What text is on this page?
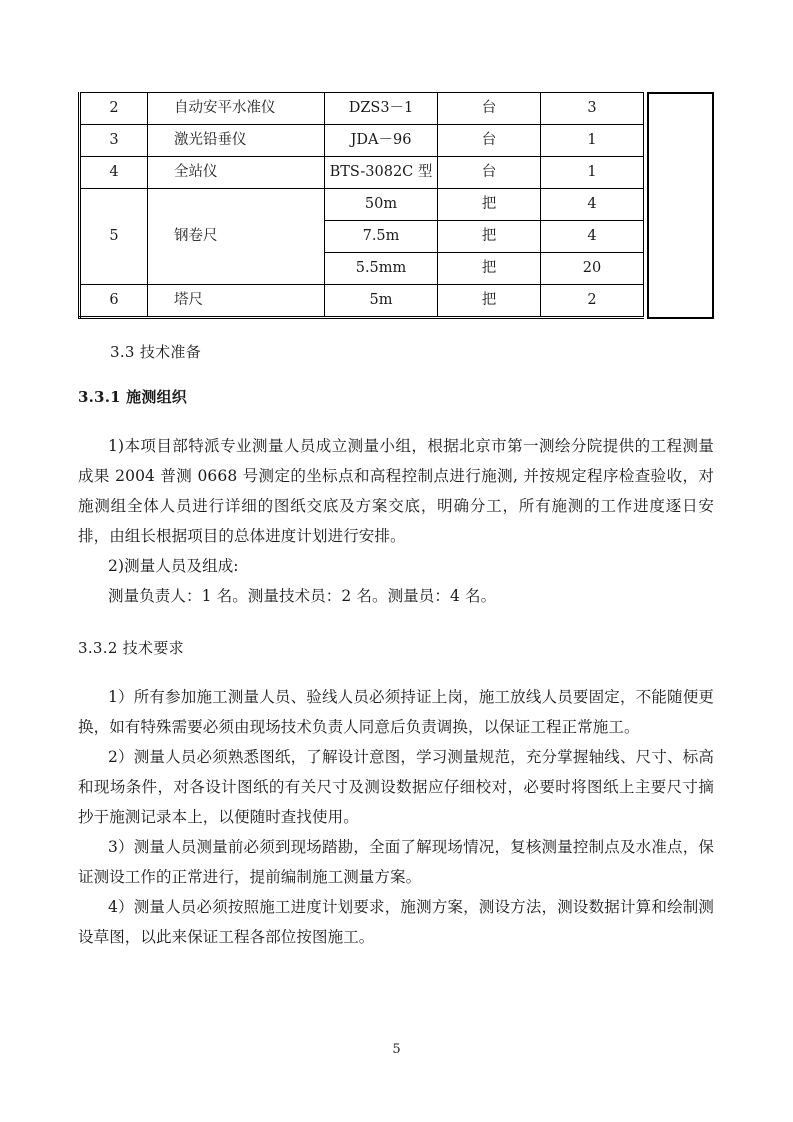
2	自动安平水准仪	DZS3－1	台	3
3	激光铅垂仪	JDA－96	台	1
4	全站仪	BTS-3082C 型	台	1
5	钢卷尺	50m	把	4
		7.5m	把	4
		5.5mm	把	20
6	塔尺	5m	把	2
3.3 技术准备
3.3.1 施测组织

1)本项目部特派专业测量人员成立测量小组，根据北京市第一测绘分院提供的工程测量成果 2004 普测 0668 号测定的坐标点和高程控制点进行施测, 并按规定程序检查验收，对施测组全体人员进行详细的图纸交底及方案交底，明确分工，所有施测的工作进度逐日安排，由组长根据项目的总体进度计划进行安排。

2)测量人员及组成:

测量负责人：1 名。测量技术员：2 名。测量员：4 名。

3.3.2 技术要求

1）所有参加施工测量人员、验线人员必须持证上岗，施工放线人员要固定，不能随便更换，如有特殊需要必须由现场技术负责人同意后负责调换，以保证工程正常施工。

2）测量人员必须熟悉图纸，了解设计意图，学习测量规范，充分掌握轴线、尺寸、标高和现场条件，对各设计图纸的有关尺寸及测设数据应仔细校对，必要时将图纸上主要尺寸摘抄于施测记录本上，以便随时查找使用。

3）测量人员测量前必须到现场踏勘，全面了解现场情况，复核测量控制点及水准点，保证测设工作的正常进行，提前编制施工测量方案。

4）测量人员必须按照施工进度计划要求，施测方案，测设方法，测设数据计算和绘制测设草图，以此来保证工程各部位按图施工。

5
